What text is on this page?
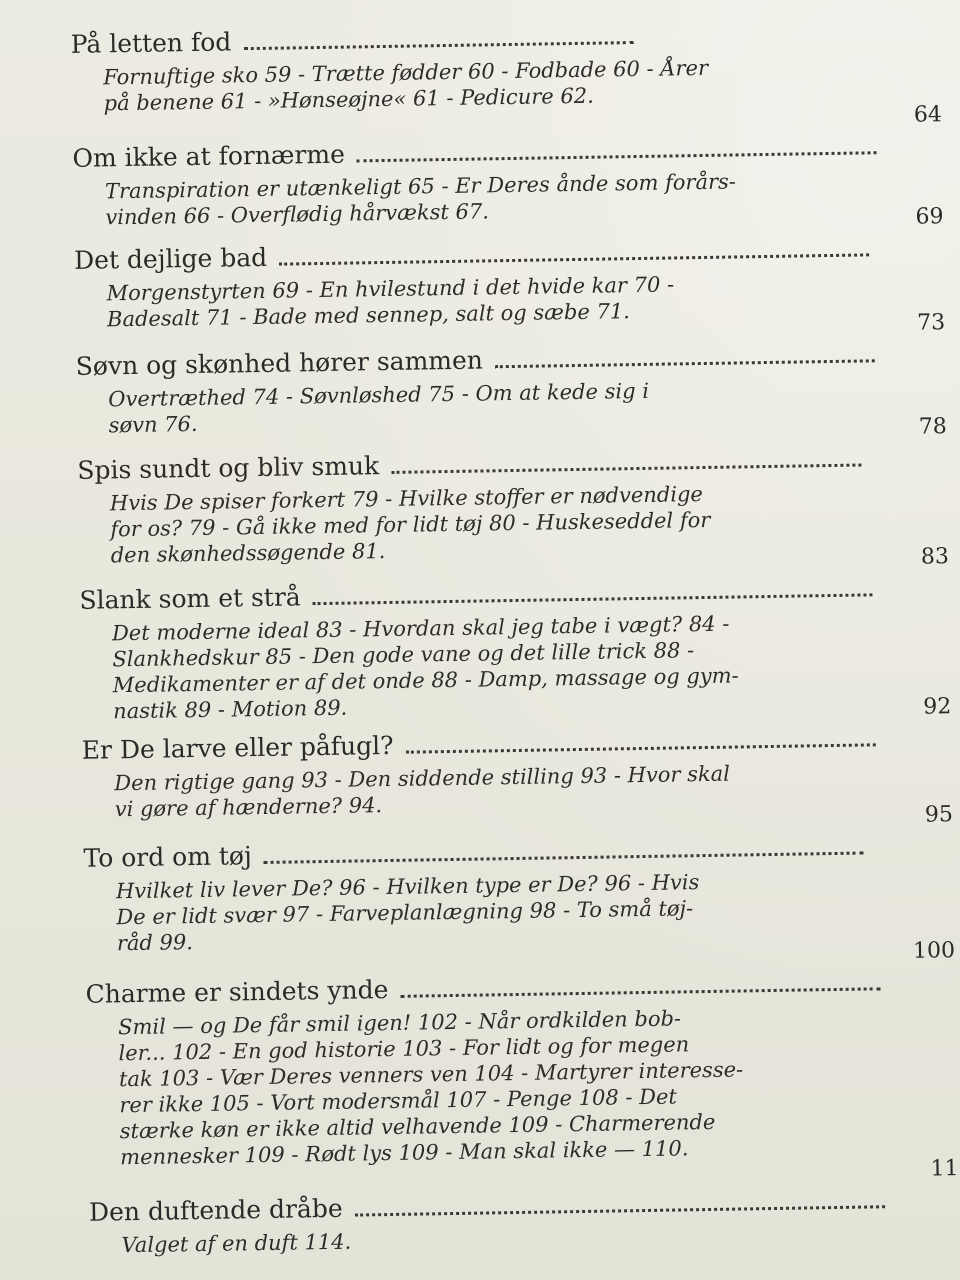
På letten fod
Fornuftige sko 59 - Trætte fødder 60 - Fodbade 60 - Årer
på benene 61 - »Hønseøjne« 61 - Pedicure 62.
Om ikke at fornærme
64
Transpiration er utænkeligt 65 - Er Deres ånde som forårs-
vinden 66 - Overflødig hårvækst 67.
Det dejlige bad
69
Morgenstyrten 69 - En hvilestund i det hvide kar 70 -
Badesalt 71 - Bade med sennep, salt og sæbe 71.
Søvn og skønhed hører sammen
73
Overtræthed 74 - Søvnløshed 75 - Om at kede sig i
søvn 76.
Spis sundt og bliv smuk
78
Hvis De spiser forkert 79 - Hvilke stoffer er nødvendige
for os? 79 - Gå ikke med for lidt tøj 80 - Huskeseddel for
den skønhedssøgende 81.
Slank som et strå
83
Det moderne ideal 83 - Hvordan skal jeg tabe i vægt? 84 -
Slankhedskur 85 - Den gode vane og det lille trick 88 -
Medikamenter er af det onde 88 - Damp, massage og gym-
nastik 89 - Motion 89.
Er De larve eller påfugl?
92
Den rigtige gang 93 - Den siddende stilling 93 - Hvor skal
vi gøre af hænderne? 94.
To ord om tøj
95
Hvilket liv lever De? 96 - Hvilken type er De? 96 - Hvis
De er lidt svær 97 - Farveplanlægning 98 - To små tøj-
råd 99.
Charme er sindets ynde
100
Smil — og De får smil igen! 102 - Når ordkilden bob-
ler... 102 - En god historie 103 - For lidt og for megen
tak 103 - Vær Deres venners ven 104 - Martyrer interesse-
rer ikke 105 - Vort modersmål 107 - Penge 108 - Det
stærke køn er ikke altid velhavende 109 - Charmerende
mennesker 109 - Rødt lys 109 - Man skal ikke — 110.
Den duftende dråbe
11
Valget af en duft 114.
